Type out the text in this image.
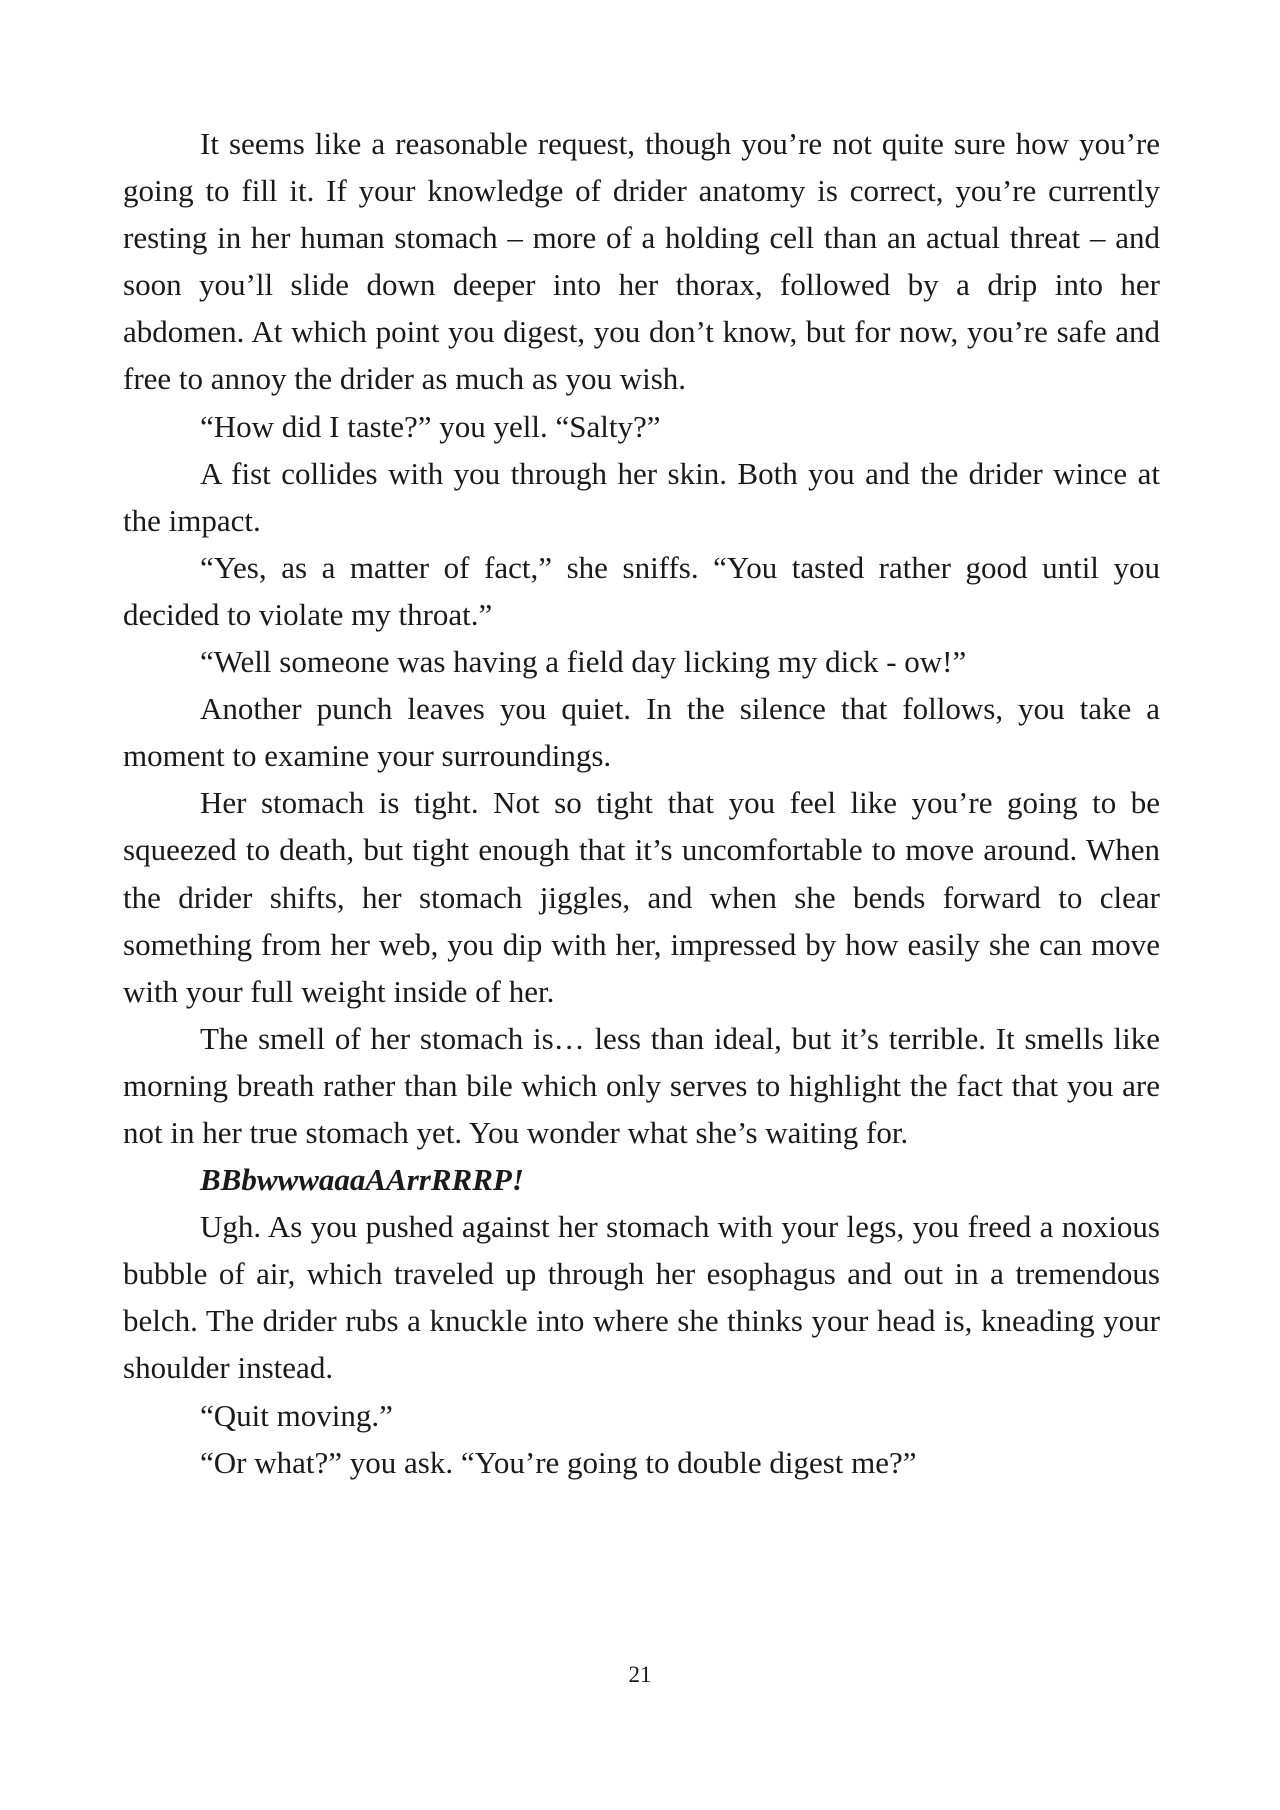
It seems like a reasonable request, though you’re not quite sure how you’re going to fill it. If your knowledge of drider anatomy is correct, you’re currently resting in her human stomach – more of a holding cell than an actual threat – and soon you’ll slide down deeper into her thorax, followed by a drip into her abdomen. At which point you digest, you don’t know, but for now, you’re safe and free to annoy the drider as much as you wish.

“How did I taste?” you yell. “Salty?”

A fist collides with you through her skin. Both you and the drider wince at the impact.

“Yes, as a matter of fact,” she sniffs. “You tasted rather good until you decided to violate my throat.”

“Well someone was having a field day licking my dick - ow!”

Another punch leaves you quiet. In the silence that follows, you take a moment to examine your surroundings.

Her stomach is tight. Not so tight that you feel like you’re going to be squeezed to death, but tight enough that it’s uncomfortable to move around. When the drider shifts, her stomach jiggles, and when she bends forward to clear something from her web, you dip with her, impressed by how easily she can move with your full weight inside of her.

The smell of her stomach is… less than ideal, but it’s terrible. It smells like morning breath rather than bile which only serves to highlight the fact that you are not in her true stomach yet. You wonder what she’s waiting for.

BBbwwwaaaAArrRRRP!

Ugh. As you pushed against her stomach with your legs, you freed a noxious bubble of air, which traveled up through her esophagus and out in a tremendous belch. The drider rubs a knuckle into where she thinks your head is, kneading your shoulder instead.

“Quit moving.”

“Or what?” you ask. “You’re going to double digest me?”

21
